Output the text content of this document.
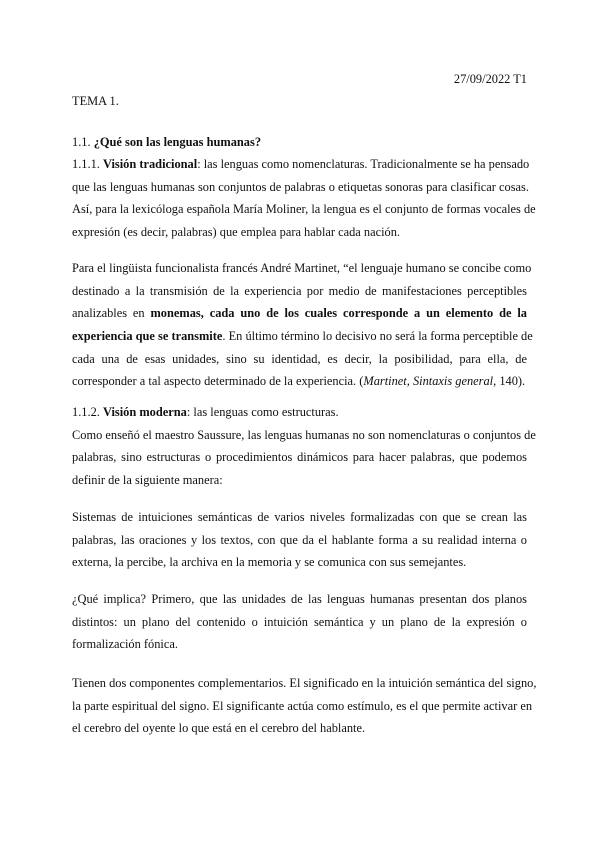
27/09/2022 T1
TEMA 1.
1.1. ¿Qué son las lenguas humanas?
1.1.1. Visión tradicional: las lenguas como nomenclaturas. Tradicionalmente se ha pensado
que las lenguas humanas son conjuntos de palabras o etiquetas sonoras para clasificar cosas.
Así, para la lexicóloga española María Moliner, la lengua es el conjunto de formas vocales de
expresión (es decir, palabras) que emplea para hablar cada nación.
Para el lingüista funcionalista francés André Martinet, “el lenguaje humano se concibe como
destinado a la transmisión de la experiencia por medio de manifestaciones perceptibles
analizables en monemas, cada uno de los cuales corresponde a un elemento de la
experiencia que se transmite. En último término lo decisivo no será la forma perceptible de
cada una de esas unidades, sino su identidad, es decir, la posibilidad, para ella, de
corresponder a tal aspecto determinado de la experiencia. (Martinet, Sintaxis general, 140).
1.1.2. Visión moderna: las lenguas como estructuras.
Como enseñó el maestro Saussure, las lenguas humanas no son nomenclaturas o conjuntos de
palabras, sino estructuras o procedimientos dinámicos para hacer palabras, que podemos
definir de la siguiente manera:
Sistemas de intuiciones semánticas de varios niveles formalizadas con que se crean las
palabras, las oraciones y los textos, con que da el hablante forma a su realidad interna o
externa, la percibe, la archiva en la memoria y se comunica con sus semejantes.
¿Qué implica? Primero, que las unidades de las lenguas humanas presentan dos planos
distintos: un plano del contenido o intuición semántica y un plano de la expresión o
formalización fónica.
Tienen dos componentes complementarios. El significado en la intuición semántica del signo,
la parte espiritual del signo. El significante actúa como estímulo, es el que permite activar en
el cerebro del oyente lo que está en el cerebro del hablante.
